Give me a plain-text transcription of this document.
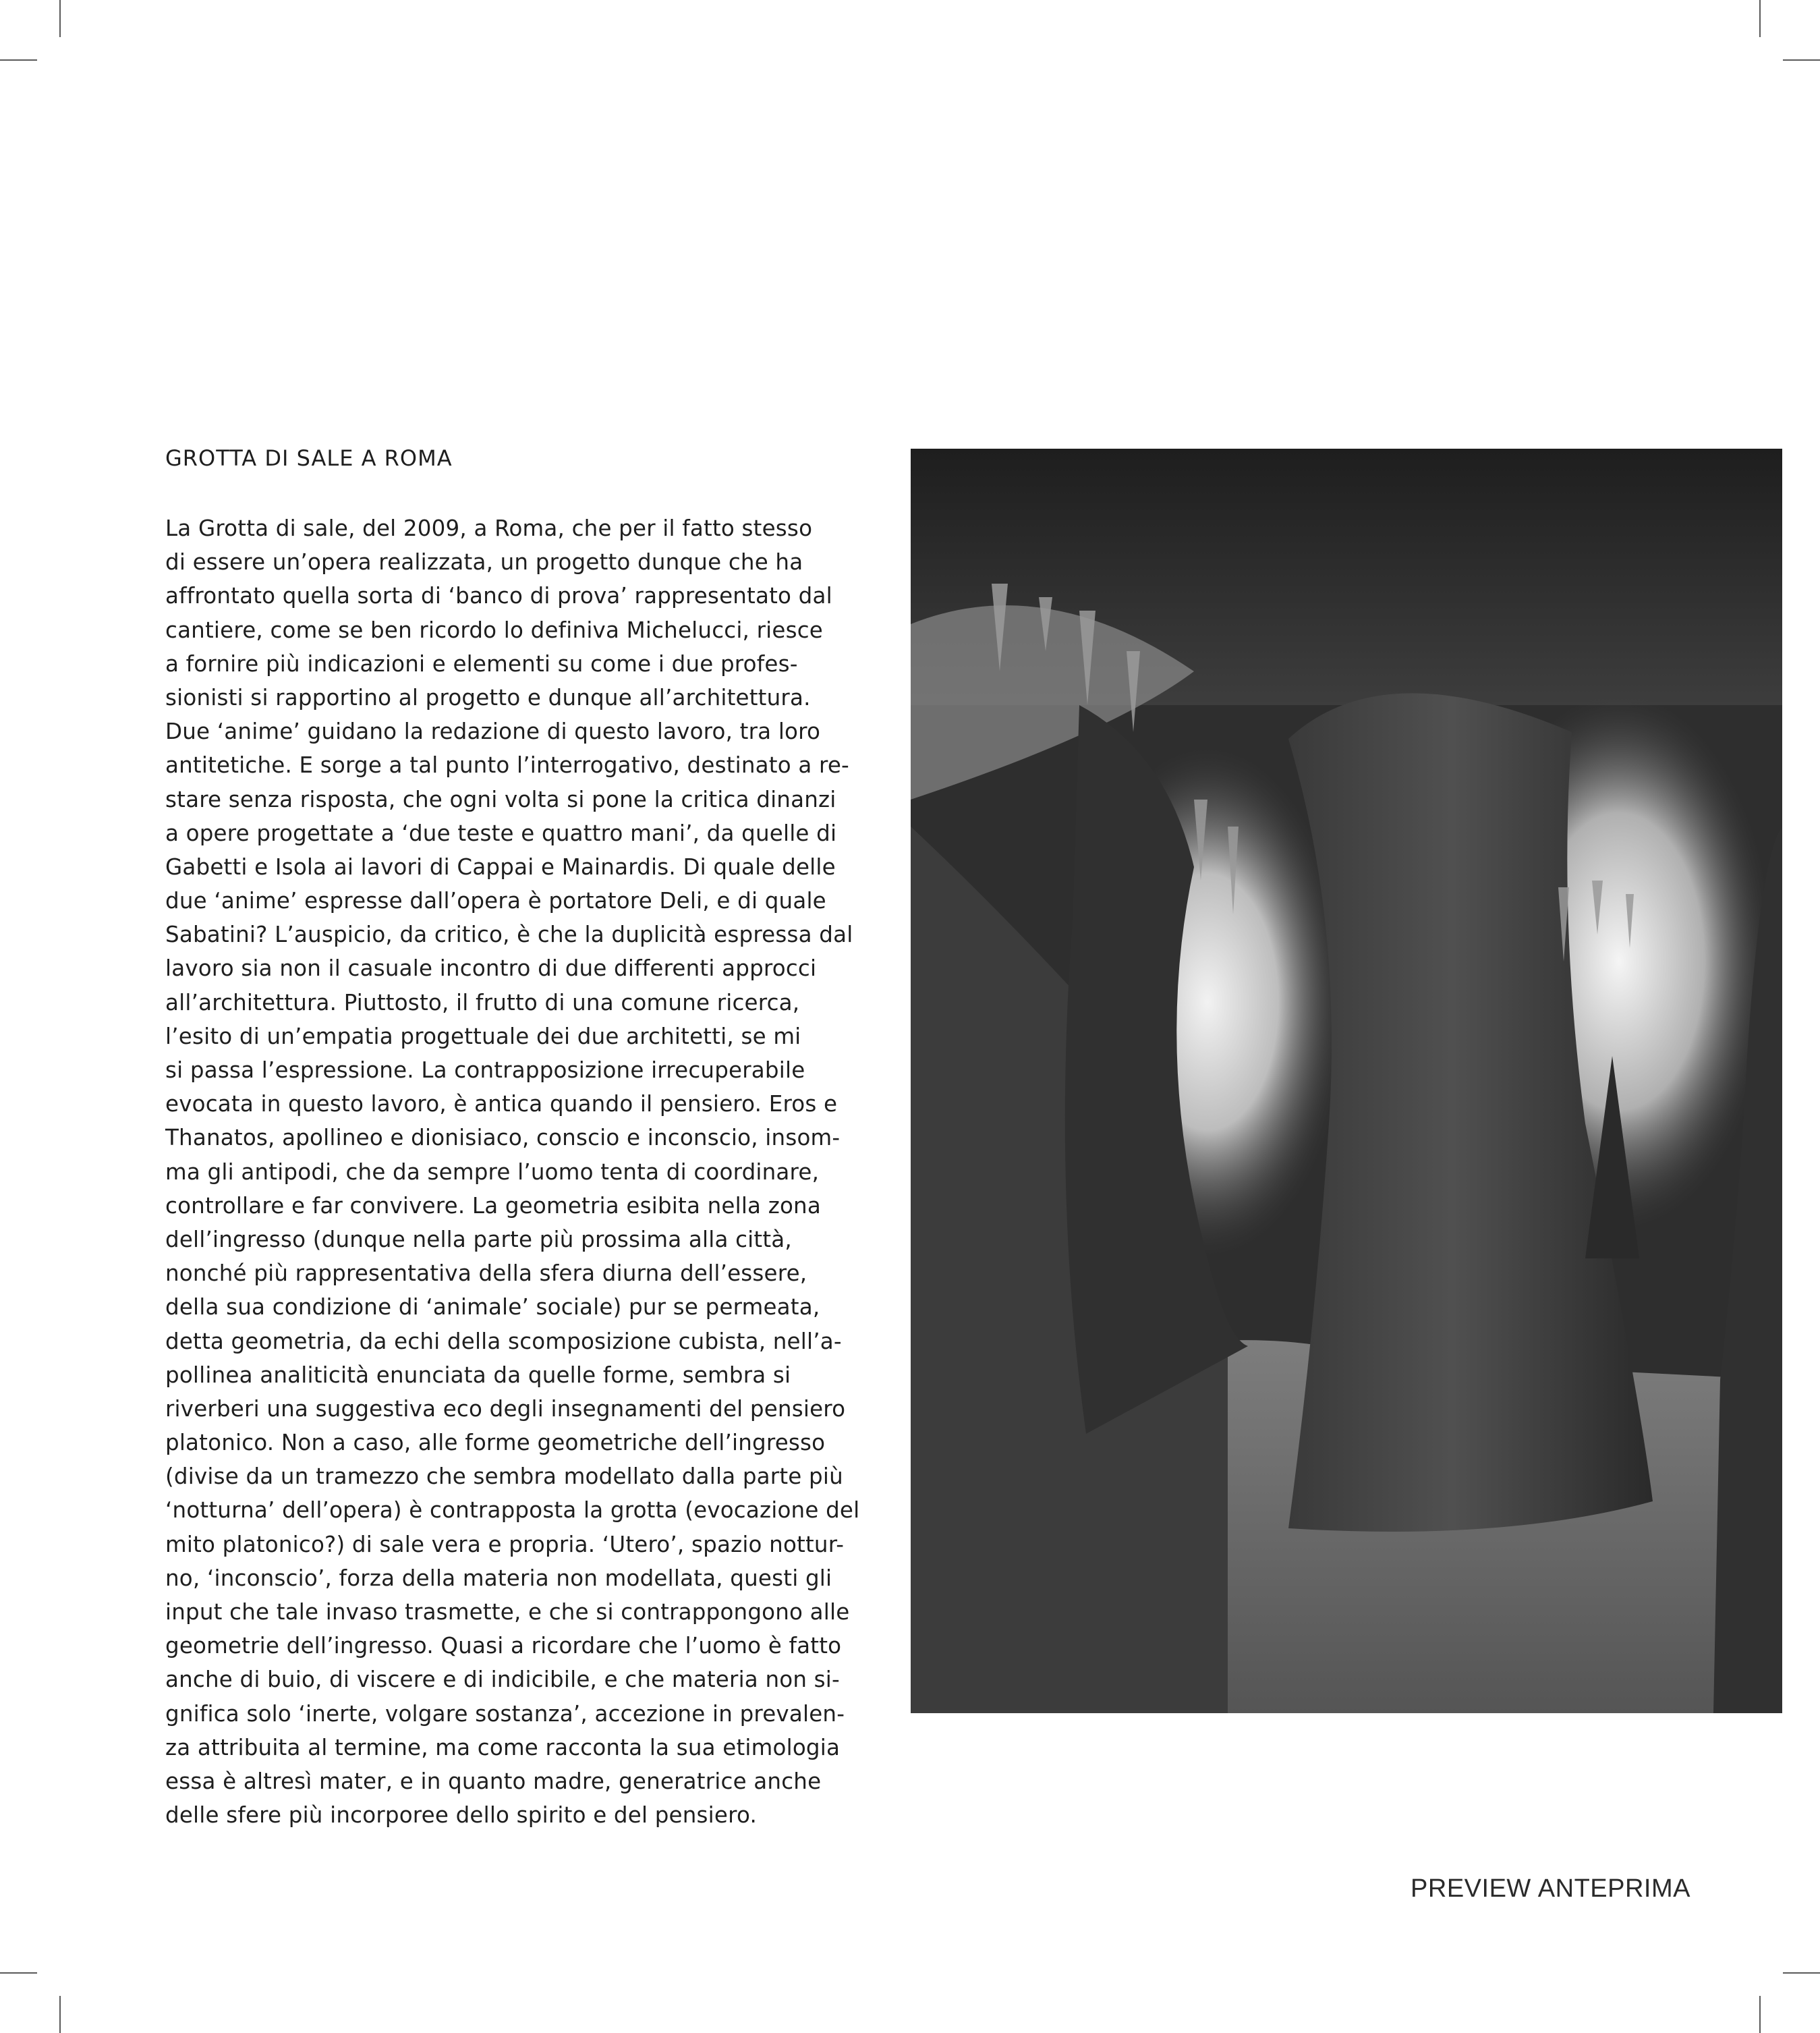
GROTTA DI SALE A ROMA
La Grotta di sale, del 2009, a Roma, che per il fatto stesso
di essere un’opera realizzata, un progetto dunque che ha
affrontato quella sorta di ‘banco di prova’ rappresentato dal
cantiere, come se ben ricordo lo definiva Michelucci, riesce
a fornire più indicazioni e elementi su come i due profes-
sionisti si rapportino al progetto e dunque all’architettura.
Due ‘anime’ guidano la redazione di questo lavoro, tra loro
antitetiche. E sorge a tal punto l’interrogativo, destinato a re-
stare senza risposta, che ogni volta si pone la critica dinanzi
a opere progettate a ‘due teste e quattro mani’, da quelle di
Gabetti e Isola ai lavori di Cappai e Mainardis. Di quale delle
due ‘anime’ espresse dall’opera è portatore Deli, e di quale
Sabatini? L’auspicio, da critico, è che la duplicità espressa dal
lavoro sia non il casuale incontro di due differenti approcci
all’architettura. Piuttosto, il frutto di una comune ricerca,
l’esito di un’empatia progettuale dei due architetti, se mi
si passa l’espressione. La contrapposizione irrecuperabile
evocata in questo lavoro, è antica quando il pensiero. Eros e
Thanatos, apollineo e dionisiaco, conscio e inconscio, insom-
ma gli antipodi, che da sempre l’uomo tenta di coordinare,
controllare e far convivere. La geometria esibita nella zona
dell’ingresso (dunque nella parte più prossima alla città,
nonché più rappresentativa della sfera diurna dell’essere,
della sua condizione di ‘animale’ sociale) pur se permeata,
detta geometria, da echi della scomposizione cubista, nell’a-
pollinea analiticità enunciata da quelle forme, sembra si
riverberi una suggestiva eco degli insegnamenti del pensiero
platonico. Non a caso, alle forme geometriche dell’ingresso
(divise da un tramezzo che sembra modellato dalla parte più
‘notturna’ dell’opera) è contrapposta la grotta (evocazione del
mito platonico?) di sale vera e propria. ‘Utero’, spazio nottur-
no, ‘inconscio’, forza della materia non modellata, questi gli
input che tale invaso trasmette, e che si contrappongono alle
geometrie dell’ingresso. Quasi a ricordare che l’uomo è fatto
anche di buio, di viscere e di indicibile, e che materia non si-
gnifica solo ‘inerte, volgare sostanza’, accezione in prevalen-
za attribuita al termine, ma come racconta la sua etimologia
essa è altresì mater, e in quanto madre, generatrice anche
delle sfere più incorporee dello spirito e del pensiero.
PREVIEW ANTEPRIMA
